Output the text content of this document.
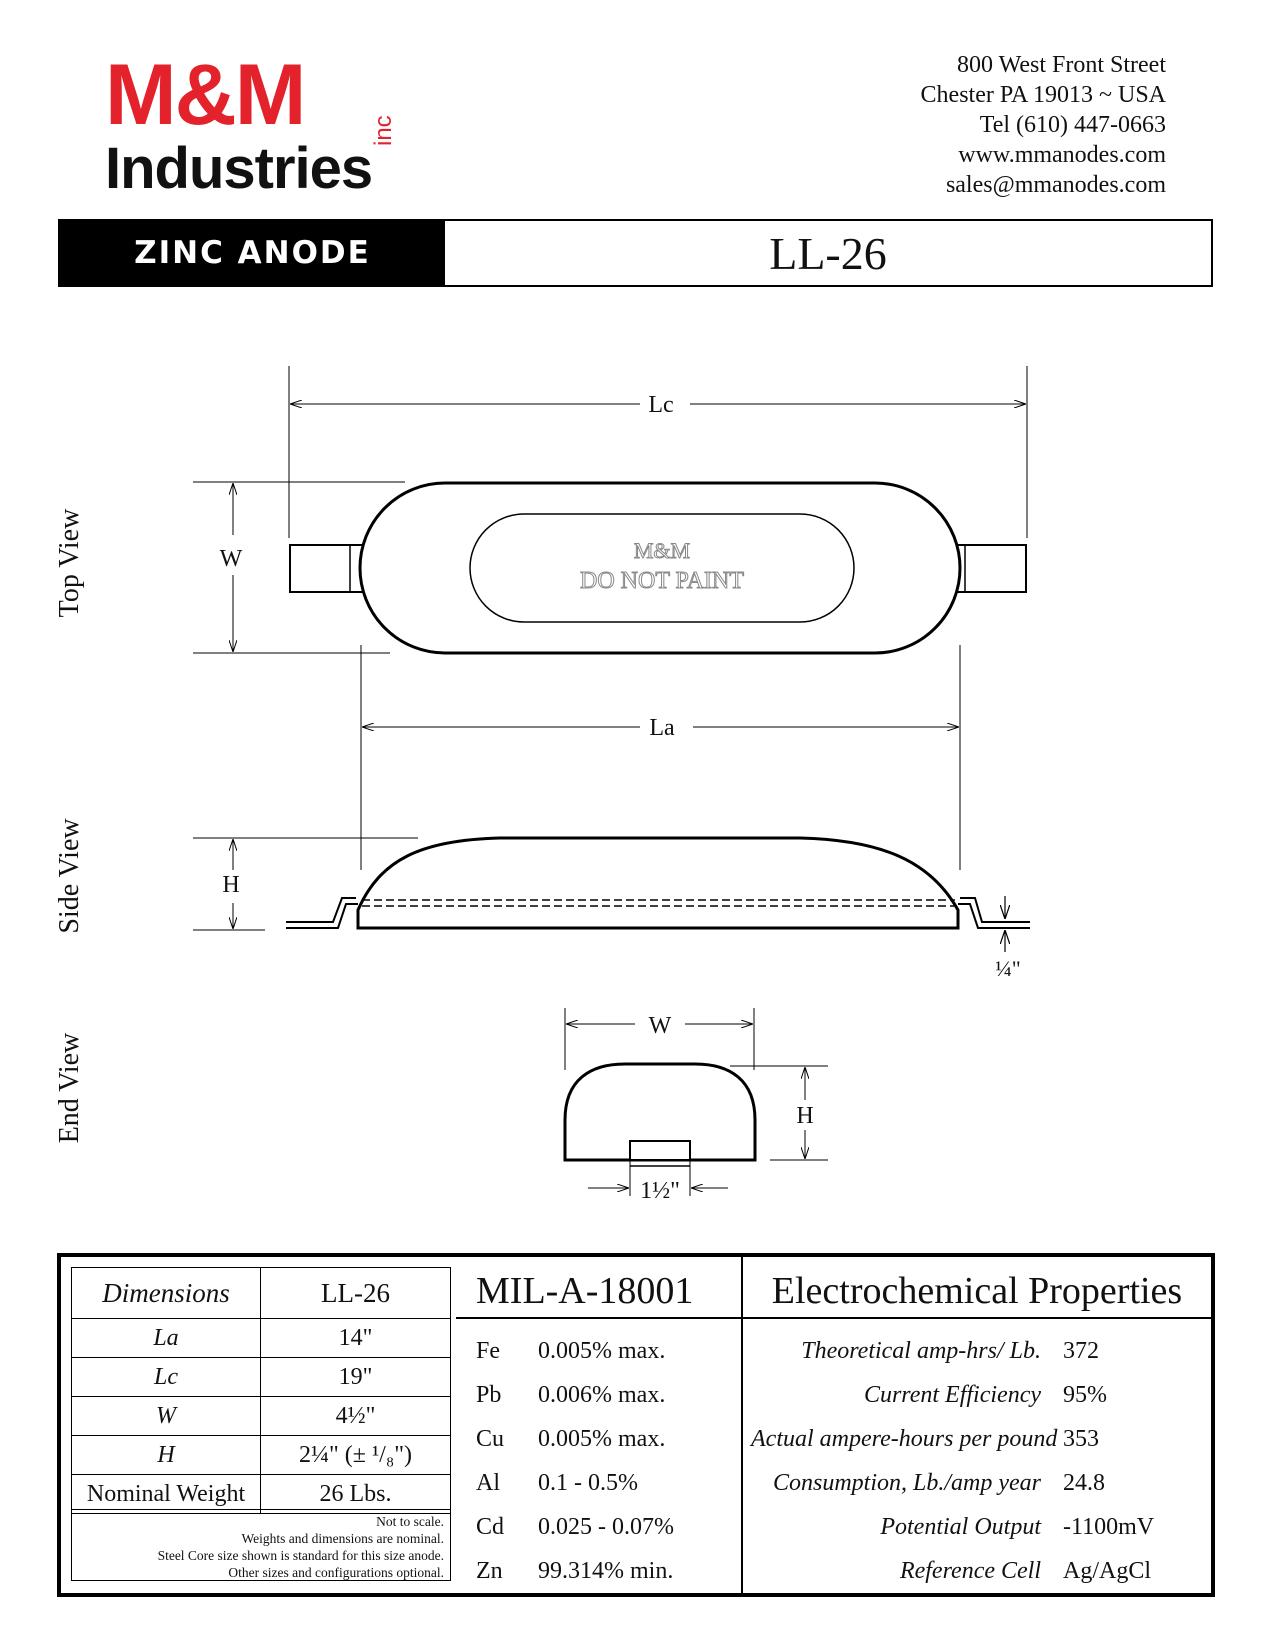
M&M
Industries
inc
800 West Front Street
Chester PA 19013 ~ USA
Tel (610) 447-0663
www.mmanodes.com
sales@mmanodes.com
ZINC ANODE	LL-26
Top View
Side View
End View
M&M
DO NOT PAINT
Lc
W
La
H
¼"
W
H
1½"
Dimensions	LL-26
La	14"
Lc	19"
W	4½"
H	2¼" (± ¹/₈")
Nominal Weight	26 Lbs.
Not to scale.
Weights and dimensions are nominal.
Steel Core size shown is standard for this size anode.
Other sizes and configurations optional.
MIL-A-18001
Fe	0.005% max.
Pb	0.006% max.
Cu	0.005% max.
Al	0.1 - 0.5%
Cd	0.025 - 0.07%
Zn	99.314% min.
Electrochemical Properties
Theoretical amp-hrs/ Lb. 372
Current Efficiency 95%
Actual ampere-hours per pound 353
Consumption, Lb./amp year 24.8
Potential Output -1100mV
Reference Cell Ag/AgCl
